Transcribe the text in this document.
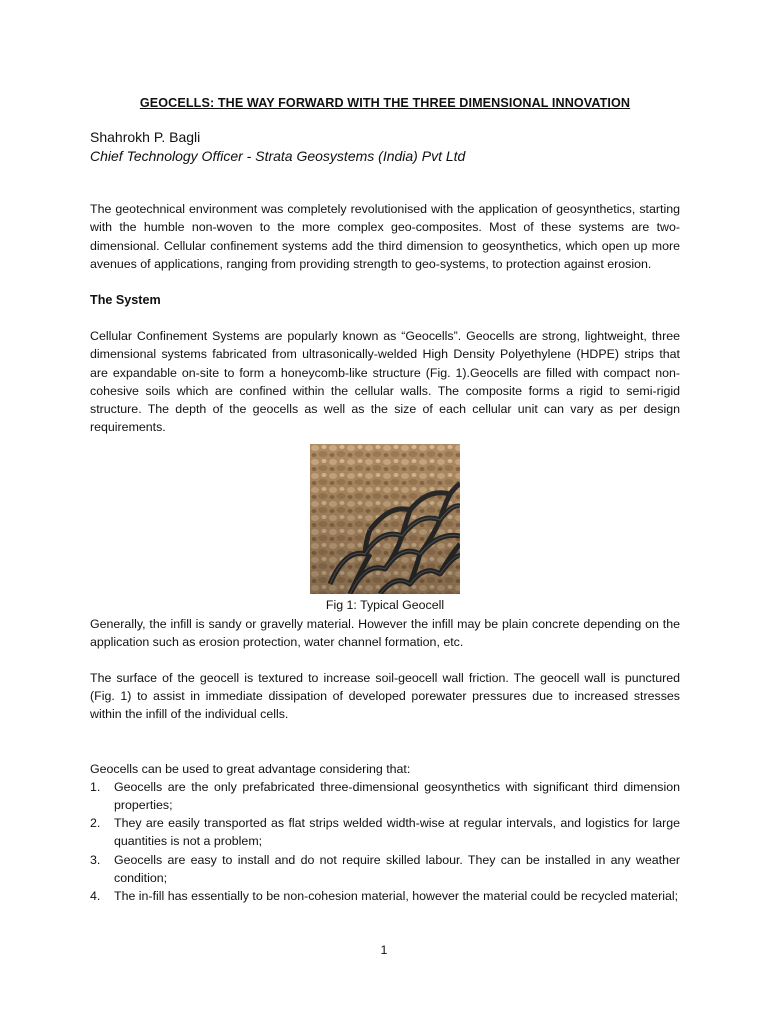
GEOCELLS: THE WAY FORWARD WITH THE THREE DIMENSIONAL INNOVATION

Shahrokh P. Bagli

Chief Technology Officer - Strata Geosystems (India) Pvt Ltd

The geotechnical environment was completely revolutionised with the application of geosynthetics, starting with the humble non-woven to the more complex geo-composites. Most of these systems are two-dimensional. Cellular confinement systems add the third dimension to geosynthetics, which open up more avenues of applications, ranging from providing strength to geo-systems, to protection against erosion.

The System

Cellular Confinement Systems are popularly known as “Geocells”. Geocells are strong, lightweight, three dimensional systems fabricated from ultrasonically-welded High Density Polyethylene (HDPE) strips that are expandable on-site to form a honeycomb-like structure (Fig. 1).Geocells are filled with compact non-cohesive soils which are confined within the cellular walls. The composite forms a rigid to semi-rigid structure. The depth of the geocells as well as the size of each cellular unit can vary as per design requirements.

Fig 1: Typical Geocell

Generally, the infill is sandy or gravelly material. However the infill may be plain concrete depending on the application such as erosion protection, water channel formation, etc.

The surface of the geocell is textured to increase soil-geocell wall friction. The geocell wall is punctured (Fig. 1) to assist in immediate dissipation of developed porewater pressures due to increased stresses within the infill of the individual cells.

Geocells can be used to great advantage considering that:

1. Geocells are the only prefabricated three-dimensional geosynthetics with significant third dimension properties;
2. They are easily transported as flat strips welded width-wise at regular intervals, and logistics for large quantities is not a problem;
3. Geocells are easy to install and do not require skilled labour. They can be installed in any weather condition;
4. The in-fill has essentially to be non-cohesion material, however the material could be recycled material;
1
